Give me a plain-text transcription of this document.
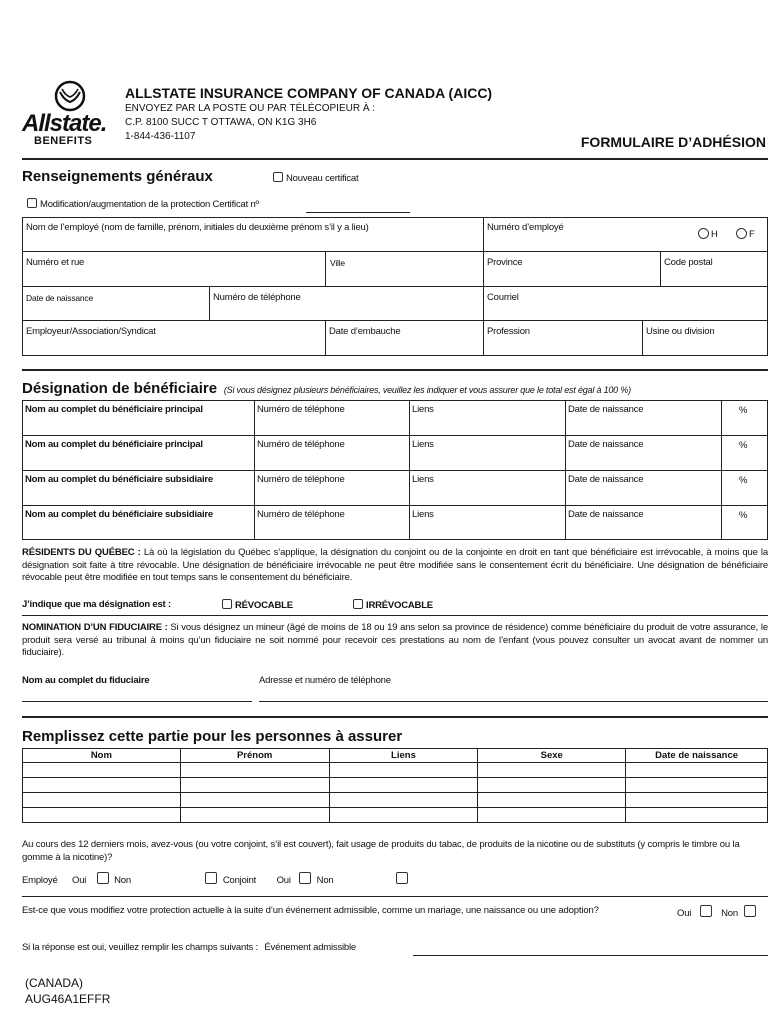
Allstate.
BENEFITS
ALLSTATE INSURANCE COMPANY OF CANADA (AICC)
ENVOYEZ PAR LA POSTE OU PAR TÉLÉCOPIEUR À :
C.P. 8100 SUCC T OTTAWA, ON K1G 3H6
1-844-436-1107	FORMULAIRE D’ADHÉSION
Renseignements généraux	Nouveau certificat
Modification/augmentation de la protection Certificat nº
Nom de l’employé (nom de famille, prénom, initiales du deuxième prénom s’il y a lieu)	Numéro d’employé
H	F
Numéro et rue	Ville	Province	Code postal
Date de naissance	Numéro de téléphone	Courriel
Employeur/Association/Syndicat	Date d’embauche	Profession	Usine ou division
Désignation de bénéficiaire (Si vous désignez plusieurs bénéficiaires, veuillez les indiquer et vous assurer que le total est égal à 100 %)
Nom au complet du bénéficiaire principal	Numéro de téléphone	Liens	Date de naissance	%
Nom au complet du bénéficiaire principal	Numéro de téléphone	Liens	Date de naissance	%
Nom au complet du bénéficiaire subsidiaire	Numéro de téléphone	Liens	Date de naissance	%
Nom au complet du bénéficiaire subsidiaire	Numéro de téléphone	Liens	Date de naissance	%
RÉSIDENTS DU QUÉBEC : Là où la législation du Québec s’applique, la désignation du conjoint ou de la conjointe en droit en tant que bénéficiaire est irrévocable, à moins que la désignation soit faite à titre révocable. Une désignation de bénéficiaire irrévocable ne peut être modifiée sans le consentement écrit du bénéficiaire. Une désignation de bénéficiaire révocable peut être modifiée en tout temps sans le consentement du bénéficiaire.
J’indique que ma désignation est :	RÉVOCABLE	IRRÉVOCABLE
NOMINATION D’UN FIDUCIAIRE : Si vous désignez un mineur (âgé de moins de 18 ou 19 ans selon sa province de résidence) comme bénéficiaire du produit de votre assurance, le produit sera versé au tribunal à moins qu’un fiduciaire ne soit nommé pour recevoir ces prestations au nom de l’enfant (vous pouvez consulter un avocat avant de nommer un fiduciaire).
Nom au complet du fiduciaire	Adresse et numéro de téléphone
Remplissez cette partie pour les personnes à assurer
Nom	Prénom	Liens	Sexe	Date de naissance

Au cours des 12 derniers mois, avez-vous (ou votre conjoint, s’il est couvert), fait usage de produits du tabac, de produits de la nicotine ou de substituts (y compris le timbre ou la gomme à la nicotine)?
Employé Oui	Non	Conjoint Oui	Non
Est-ce que vous modifiez votre protection actuelle à la suite d’un événement admissible, comme un mariage, une naissance ou une adoption?	Oui	Non
Si la réponse est oui, veuillez remplir les champs suivants : Événement admissible
(CANADA)
AUG46A1EFFR
